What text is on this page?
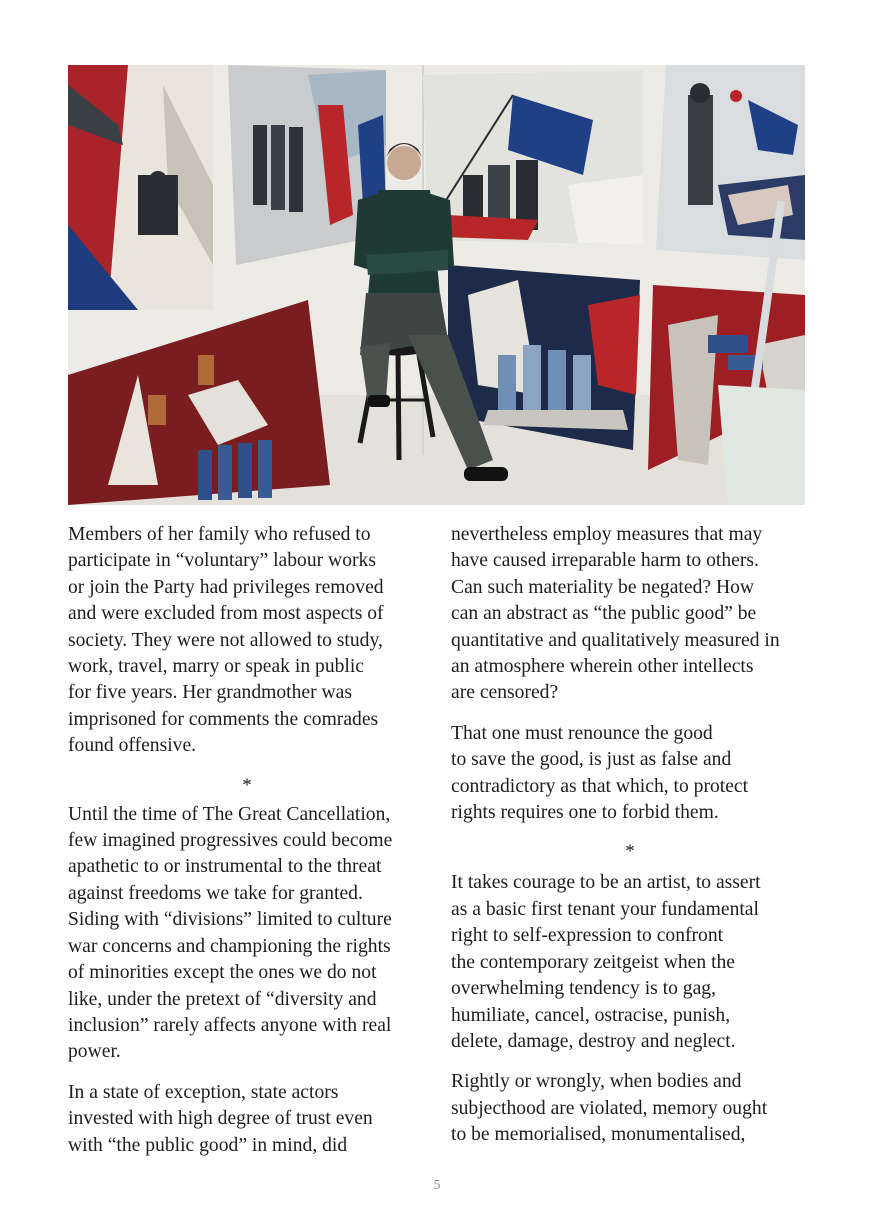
Members of her family who refused to
participate in “voluntary” labour works
or join the Party had privileges removed
and were excluded from most aspects of
society. They were not allowed to study,
work, travel, marry or speak in public
for five years. Her grandmother was
imprisoned for comments the comrades
found offensive.

*

Until the time of The Great Cancellation,
few imagined progressives could become
apathetic to or instrumental to the threat
against freedoms we take for granted.
Siding with “divisions” limited to culture
war concerns and championing the rights
of minorities except the ones we do not
like, under the pretext of “diversity and
inclusion” rarely affects anyone with real
power.

In a state of exception, state actors
invested with high degree of trust even
with “the public good” in mind, did

nevertheless employ measures that may
have caused irreparable harm to others.
Can such materiality be negated? How
can an abstract as “the public good” be
quantitative and qualitatively measured in
an atmosphere wherein other intellects
are censored?

That one must renounce the good
to save the good, is just as false and
contradictory as that which, to protect
rights requires one to forbid them.

*

It takes courage to be an artist, to assert
as a basic first tenant your fundamental
right to self-expression to confront
the contemporary zeitgeist when the
overwhelming tendency is to gag,
humiliate, cancel, ostracise, punish,
delete, damage, destroy and neglect.

Rightly or wrongly, when bodies and
subjecthood are violated, memory ought
to be memorialised, monumentalised,

5
